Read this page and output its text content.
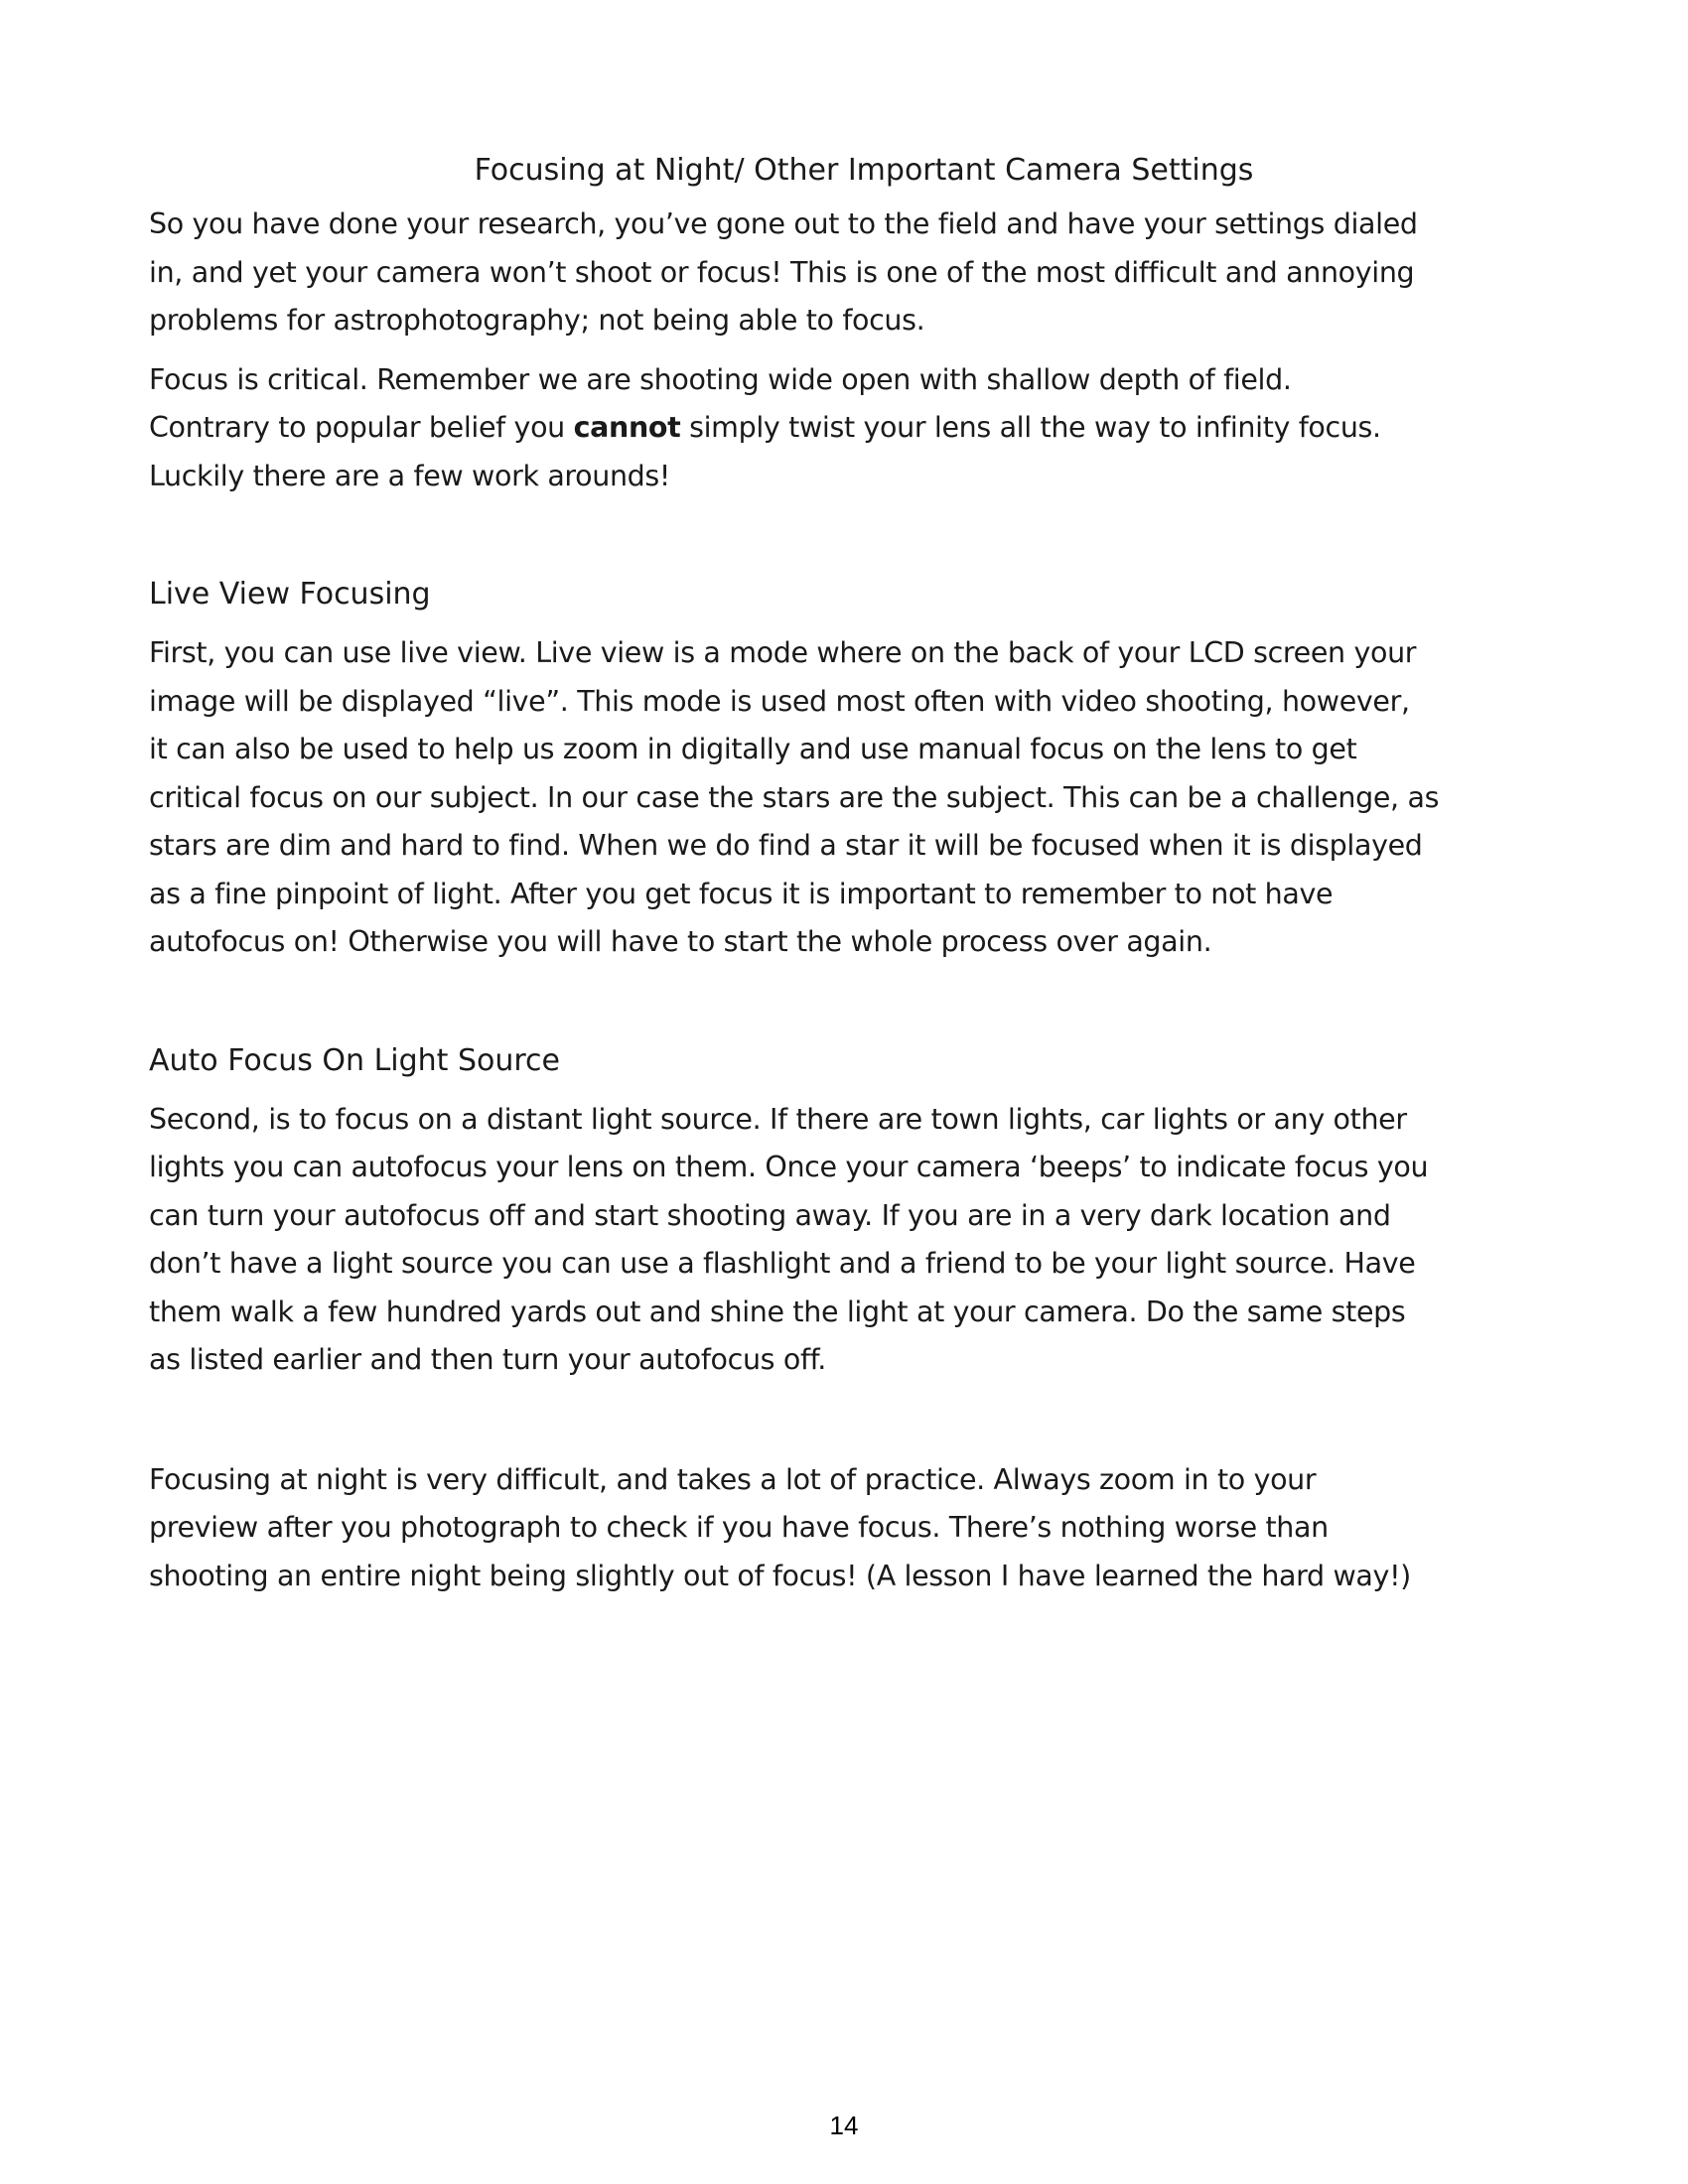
Focusing at Night/ Other Important Camera Settings

So you have done your research, you’ve gone out to the field and have your settings dialed
in, and yet your camera won’t shoot or focus! This is one of the most difficult and annoying
problems for astrophotography; not being able to focus.

Focus is critical. Remember we are shooting wide open with shallow depth of field.
Contrary to popular belief you cannot simply twist your lens all the way to infinity focus.
Luckily there are a few work arounds!

Live View Focusing

First, you can use live view. Live view is a mode where on the back of your LCD screen your
image will be displayed “live”. This mode is used most often with video shooting, however,
it can also be used to help us zoom in digitally and use manual focus on the lens to get
critical focus on our subject. In our case the stars are the subject. This can be a challenge, as
stars are dim and hard to find. When we do find a star it will be focused when it is displayed
as a fine pinpoint of light. After you get focus it is important to remember to not have
autofocus on! Otherwise you will have to start the whole process over again.

Auto Focus On Light Source

Second, is to focus on a distant light source. If there are town lights, car lights or any other
lights you can autofocus your lens on them. Once your camera ‘beeps’ to indicate focus you
can turn your autofocus off and start shooting away. If you are in a very dark location and
don’t have a light source you can use a flashlight and a friend to be your light source. Have
them walk a few hundred yards out and shine the light at your camera. Do the same steps
as listed earlier and then turn your autofocus off.

Focusing at night is very difficult, and takes a lot of practice. Always zoom in to your
preview after you photograph to check if you have focus. There’s nothing worse than
shooting an entire night being slightly out of focus! (A lesson I have learned the hard way!)

14
